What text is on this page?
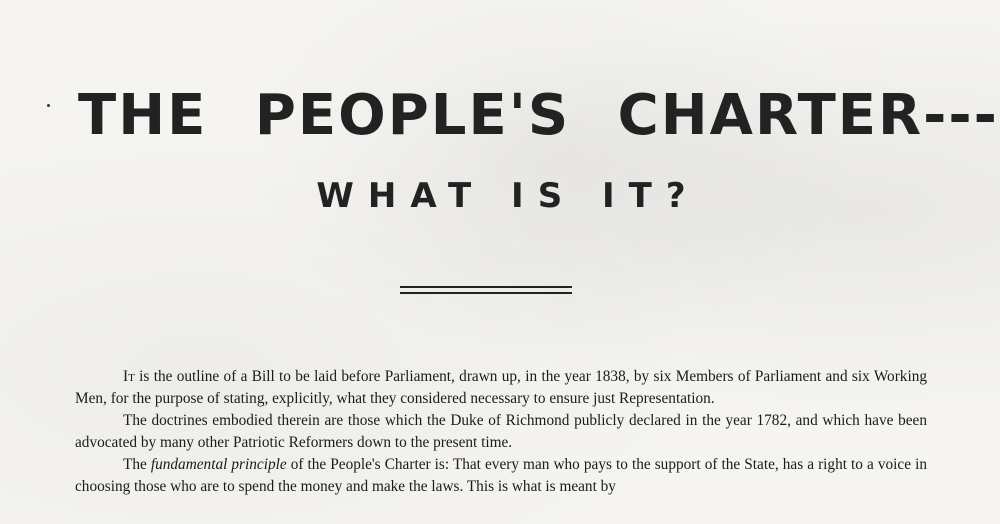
THE PEOPLE'S CHARTER---
WHAT IS IT?

It is the outline of a Bill to be laid before Parliament, drawn up, in the year 1838, by six Members of Parliament and six Working Men, for the purpose of stating, explicitly, what they considered necessary to ensure just Representation.

The doctrines embodied therein are those which the Duke of Richmond publicly declared in the year 1782, and which have been advocated by many other Patriotic Reformers down to the present time.

The fundamental principle of the People's Charter is: That every man who pays to the support of the State, has a right to a voice in choosing those who are to spend the money and make the laws. This is what is meant by
